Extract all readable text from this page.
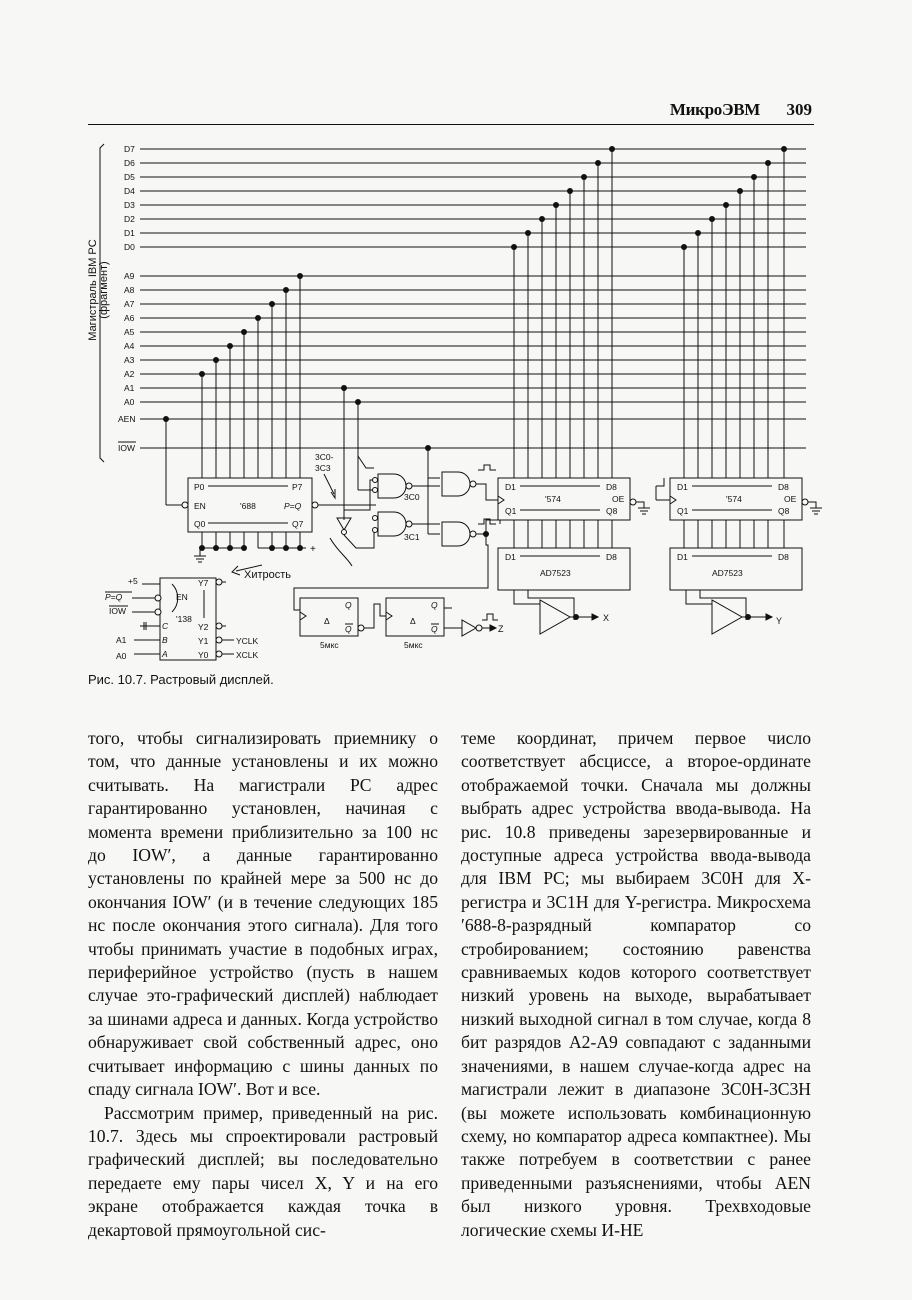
МикроЭВМ 309
Магистраль IBM PC (фрагмент)
D7
D6
D5
D4
D3
D2
D1
D0
A9
A8
A7
A6
A5
A4
A3
A2
A1
A0
AEN
IOW
P0	P7
EN	'688	P=Q
Q0	Q7
+
3C0-
3C3
3C0
3C1
D1	D8
'574	OE
Q1	Q8
D1	D8
AD7523
X
D1	D8
'574	OE
Q1	Q8
D1	D8
AD7523
Y
Хитрость
+5
P=Q
IOW
A1
A0
EN
Y7
C
B
A
'138
Y2
Y1
Y0
YCLK
XCLK
Δ
Q
Q
Δ
Q
Q
5мкс	5мкс
Z
Рис. 10.7. Растровый дисплей.

того, чтобы сигнализировать приемнику о том, что данные установлены и их можно считывать. На магистрали PC адрес гарантированно установлен, начиная с момента времени приблизительно за 100 нс до IOW′, а данные гарантированно установлены по крайней мере за 500 нс до окончания IOW′ (и в течение следующих 185 нс после окончания этого сигнала). Для того чтобы принимать участие в подобных играх, периферийное устройство (пусть в нашем случае это-графический дисплей) наблюдает за шинами адреса и данных. Когда устройство обнаруживает свой собственный адрес, оно считывает информацию с шины данных по спаду сигнала IOW′. Вот и все.

Рассмотрим пример, приведенный на рис. 10.7. Здесь мы спроектировали растровый графический дисплей; вы последовательно передаете ему пары чисел X, Y и на его экране отображается каждая точка в декартовой прямоугольной сис-

теме координат, причем первое число соответствует абсциссе, а второе-ординате отображаемой точки. Сначала мы должны выбрать адрес устройства ввода-вывода. На рис. 10.8 приведены зарезервированные и доступные адреса устройства ввода-вывода для IBM PC; мы выбираем 3C0H для X-регистра и 3C1H для Y-регистра. Микросхема ′688-8-разрядный компаратор со стробированием; состоянию равенства сравниваемых кодов которого соответствует низкий уровень на выходе, вырабатывает низкий выходной сигнал в том случае, когда 8 бит разрядов A2-A9 совпадают с заданными значениями, в нашем случае-когда адрес на магистрали лежит в диапазоне 3C0H-3C3H (вы можете использовать комбинационную схему, но компаратор адреса компактнее). Мы также потребуем в соответствии с ранее приведенными разъяснениями, чтобы AEN был низкого уровня. Трехвходовые логические схемы И-НЕ
